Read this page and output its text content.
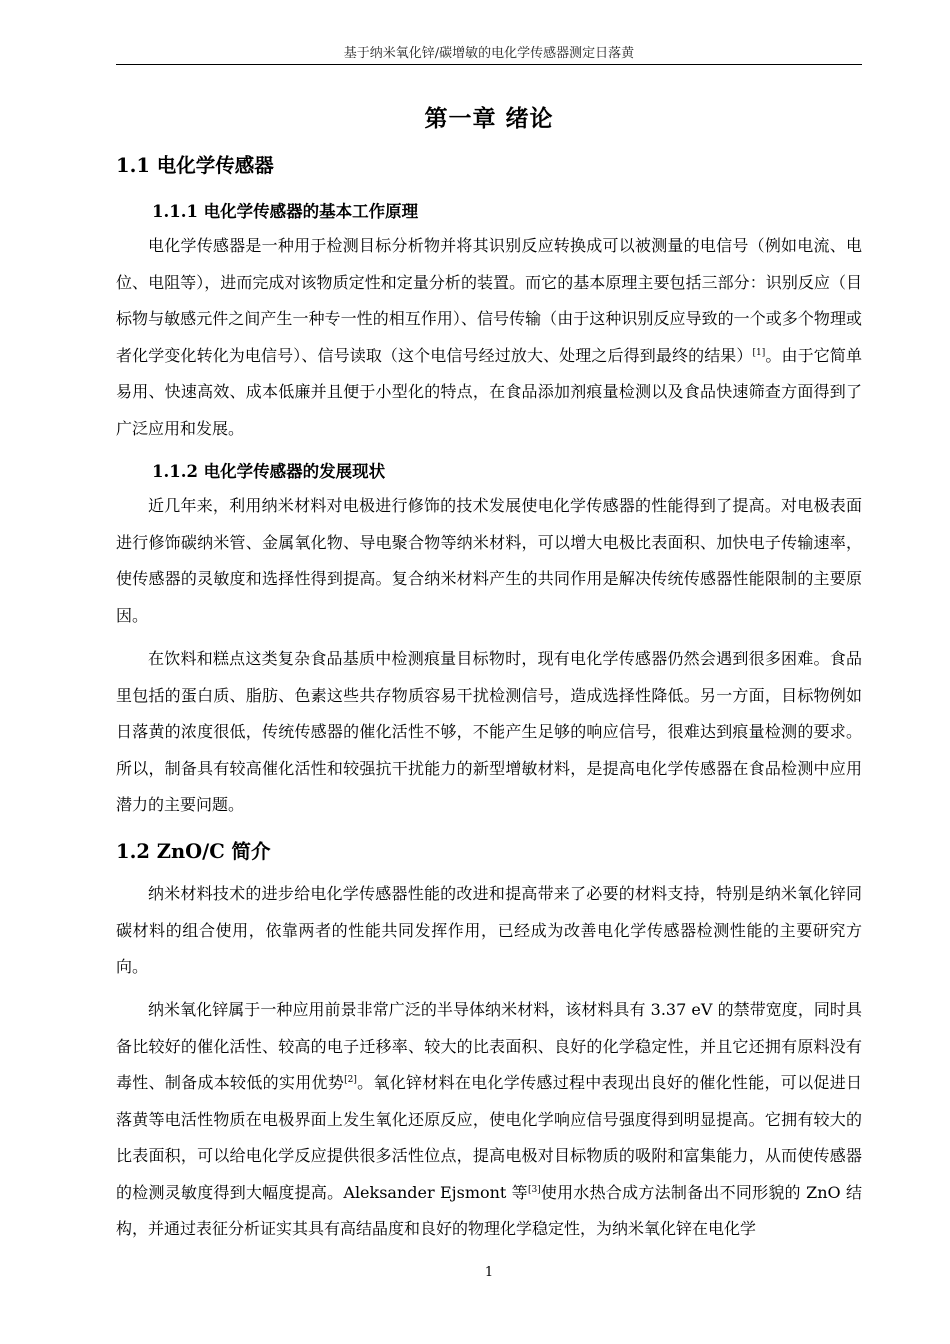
基于纳米氧化锌/碳增敏的电化学传感器测定日落黄
第一章 绪论
1.1 电化学传感器
1.1.1 电化学传感器的基本工作原理

电化学传感器是一种用于检测目标分析物并将其识别反应转换成可以被测量的电信号（例如电流、电位、电阻等），进而完成对该物质定性和定量分析的装置。而它的基本原理主要包括三部分：识别反应（目标物与敏感元件之间产生一种专一性的相互作用）、信号传输（由于这种识别反应导致的一个或多个物理或者化学变化转化为电信号）、信号读取（这个电信号经过放大、处理之后得到最终的结果）[1]。由于它简单易用、快速高效、成本低廉并且便于小型化的特点，在食品添加剂痕量检测以及食品快速筛查方面得到了广泛应用和发展。

1.1.2 电化学传感器的发展现状

近几年来，利用纳米材料对电极进行修饰的技术发展使电化学传感器的性能得到了提高。对电极表面进行修饰碳纳米管、金属氧化物、导电聚合物等纳米材料，可以增大电极比表面积、加快电子传输速率，使传感器的灵敏度和选择性得到提高。复合纳米材料产生的共同作用是解决传统传感器性能限制的主要原因。

在饮料和糕点这类复杂食品基质中检测痕量目标物时，现有电化学传感器仍然会遇到很多困难。食品里包括的蛋白质、脂肪、色素这些共存物质容易干扰检测信号，造成选择性降低。另一方面，目标物例如日落黄的浓度很低，传统传感器的催化活性不够，不能产生足够的响应信号，很难达到痕量检测的要求。所以，制备具有较高催化活性和较强抗干扰能力的新型增敏材料，是提高电化学传感器在食品检测中应用潜力的主要问题。

1.2 ZnO/C 简介

纳米材料技术的进步给电化学传感器性能的改进和提高带来了必要的材料支持，特别是纳米氧化锌同碳材料的组合使用，依靠两者的性能共同发挥作用，已经成为改善电化学传感器检测性能的主要研究方向。

纳米氧化锌属于一种应用前景非常广泛的半导体纳米材料，该材料具有 3.37 eV 的禁带宽度，同时具备比较好的催化活性、较高的电子迁移率、较大的比表面积、良好的化学稳定性，并且它还拥有原料没有毒性、制备成本较低的实用优势[2]。氧化锌材料在电化学传感过程中表现出良好的催化性能，可以促进日落黄等电活性物质在电极界面上发生氧化还原反应，使电化学响应信号强度得到明显提高。它拥有较大的比表面积，可以给电化学反应提供很多活性位点，提高电极对目标物质的吸附和富集能力，从而使传感器的检测灵敏度得到大幅度提高。Aleksander Ejsmont 等[3]使用水热合成方法制备出不同形貌的 ZnO 结构，并通过表征分析证实其具有高结晶度和良好的物理化学稳定性，为纳米氧化锌在电化学

1
